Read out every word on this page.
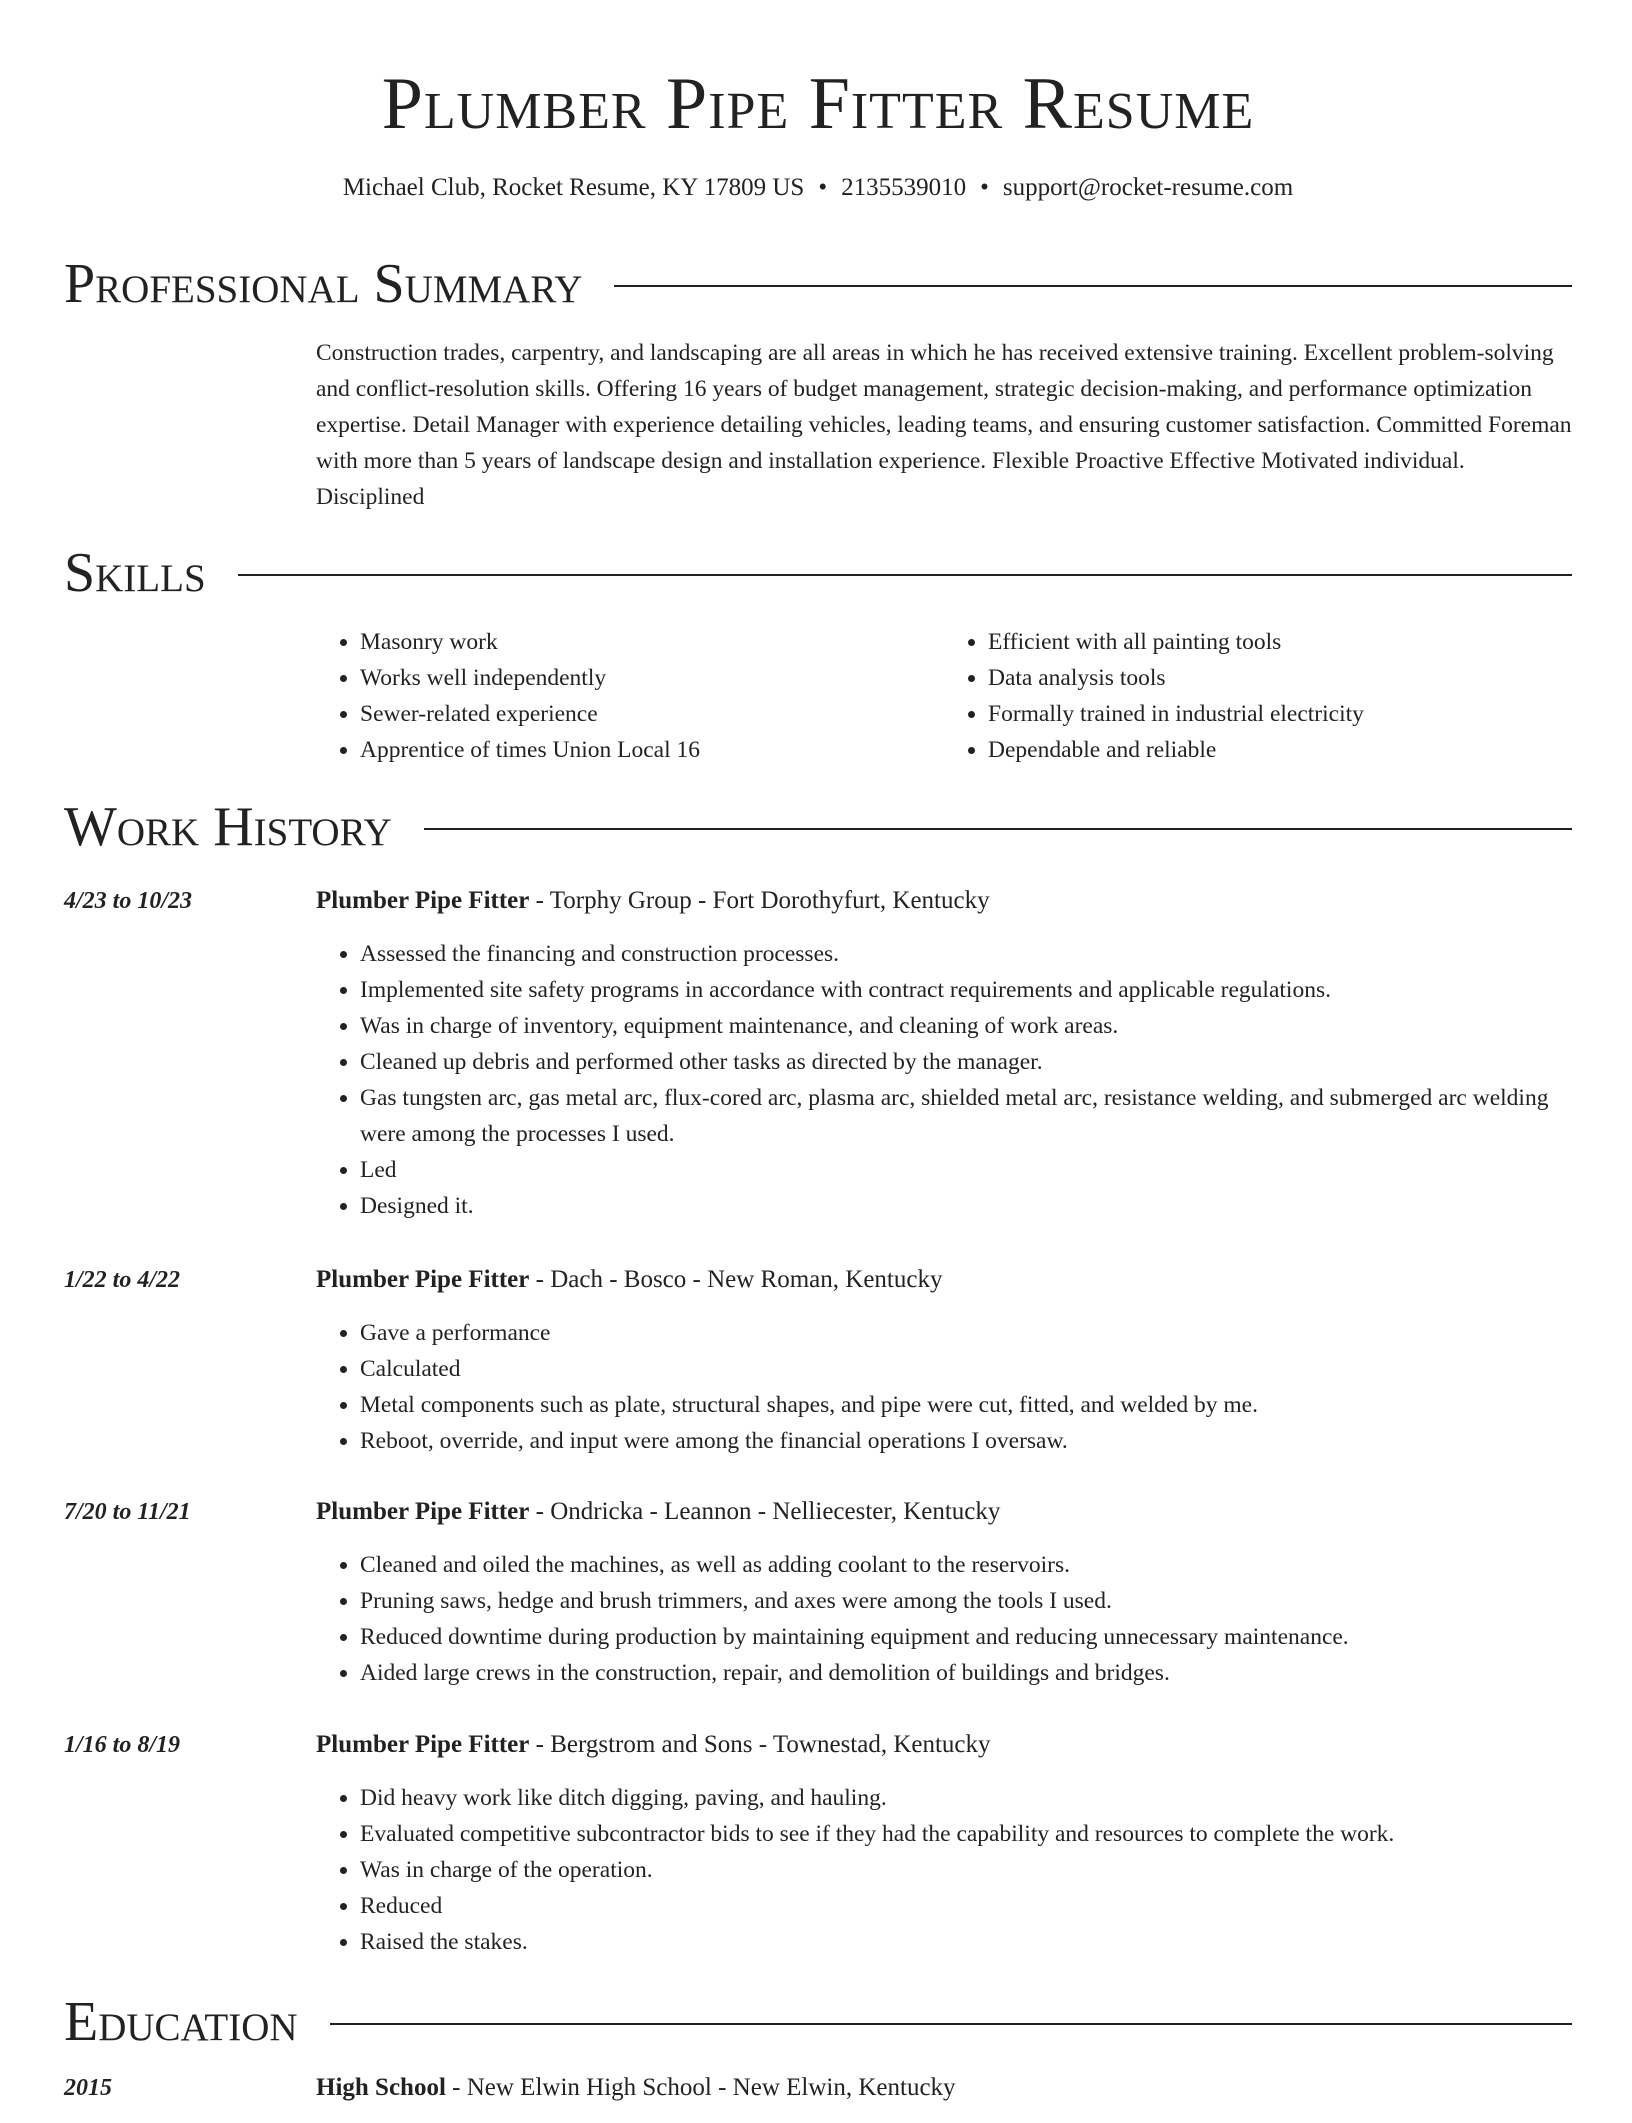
Plumber Pipe Fitter Resume
Michael Club, Rocket Resume, KY 17809 US • 2135539010 • support@rocket-resume.com
Professional Summary

Construction trades, carpentry, and landscaping are all areas in which he has received extensive training. Excellent problem-solving and conflict-resolution skills. Offering 16 years of budget management, strategic decision-making, and performance optimization expertise. Detail Manager with experience detailing vehicles, leading teams, and ensuring customer satisfaction. Committed Foreman with more than 5 years of landscape design and installation experience. Flexible Proactive Effective Motivated individual. Disciplined

Skills
• Masonry work
• Works well independently
• Sewer-related experience
• Apprentice of times Union Local 16
• Efficient with all painting tools
• Data analysis tools
• Formally trained in industrial electricity
• Dependable and reliable
Work History
4/23 to 10/23	Plumber Pipe Fitter - Torphy Group - Fort Dorothyfurt, Kentucky

• Assessed the financing and construction processes.
• Implemented site safety programs in accordance with contract requirements and applicable regulations.
• Was in charge of inventory, equipment maintenance, and cleaning of work areas.
• Cleaned up debris and performed other tasks as directed by the manager.
• Gas tungsten arc, gas metal arc, flux-cored arc, plasma arc, shielded metal arc, resistance welding, and submerged arc welding were among the processes I used.
• Led
• Designed it.
1/22 to 4/22	Plumber Pipe Fitter - Dach - Bosco - New Roman, Kentucky

• Gave a performance
• Calculated
• Metal components such as plate, structural shapes, and pipe were cut, fitted, and welded by me.
• Reboot, override, and input were among the financial operations I oversaw.
7/20 to 11/21	Plumber Pipe Fitter - Ondricka - Leannon - Nelliecester, Kentucky

• Cleaned and oiled the machines, as well as adding coolant to the reservoirs.
• Pruning saws, hedge and brush trimmers, and axes were among the tools I used.
• Reduced downtime during production by maintaining equipment and reducing unnecessary maintenance.
• Aided large crews in the construction, repair, and demolition of buildings and bridges.
1/16 to 8/19	Plumber Pipe Fitter - Bergstrom and Sons - Townestad, Kentucky

• Did heavy work like ditch digging, paving, and hauling.
• Evaluated competitive subcontractor bids to see if they had the capability and resources to complete the work.
• Was in charge of the operation.
• Reduced
• Raised the stakes.
Education
2015	High School - New Elwin High School - New Elwin, Kentucky
